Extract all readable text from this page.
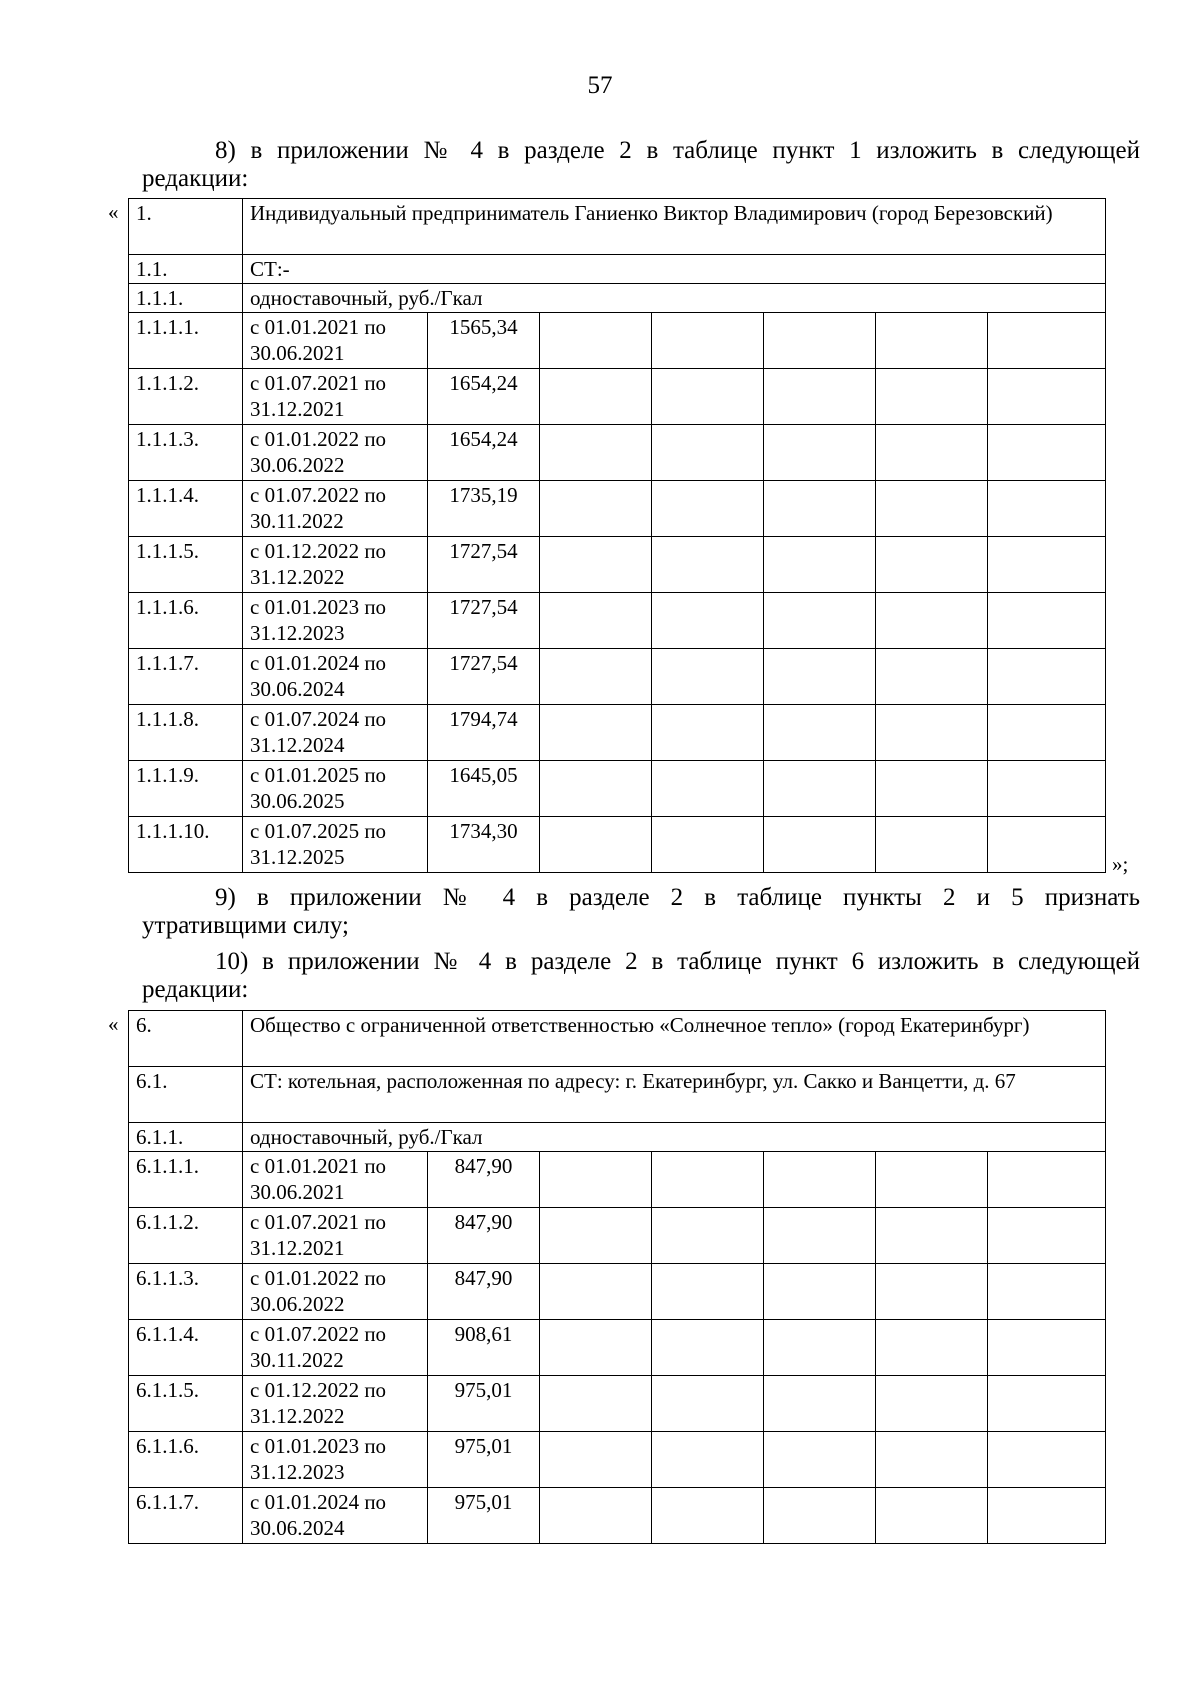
57
8) в приложении № 4 в разделе 2 в таблице пункт 1 изложить в следующей
редакции:
« 1.	Индивидуальный предприниматель Ганиенко Виктор Владимирович (город Березовский)						
1.1.	СТ:-						
1.1.1.	одноставочный, руб./Гкал						
1.1.1.1.	с 01.01.2021 по 30.06.2021	1565,34					
1.1.1.2.	с 01.07.2021 по 31.12.2021	1654,24					
1.1.1.3.	с 01.01.2022 по 30.06.2022	1654,24					
1.1.1.4.	с 01.07.2022 по 30.11.2022	1735,19					
1.1.1.5.	с 01.12.2022 по 31.12.2022	1727,54					
1.1.1.6.	с 01.01.2023 по 31.12.2023	1727,54					
1.1.1.7.	с 01.01.2024 по 30.06.2024	1727,54					
1.1.1.8.	с 01.07.2024 по 31.12.2024	1794,74					
1.1.1.9.	с 01.01.2025 по 30.06.2025	1645,05					
1.1.1.10.	с 01.07.2025 по 31.12.2025	1734,30					
»;
9) в приложении № 4 в разделе 2 в таблице пункты 2 и 5 признать
утративщими силу;
10) в приложении № 4 в разделе 2 в таблице пункт 6 изложить в следующей
редакции:
« 6.	Общество с ограниченной ответственностью «Солнечное тепло» (город Екатеринбург)						
6.1.	СТ: котельная, расположенная по адресу: г. Екатеринбург, ул. Сакко и Ванцетти, д. 67						
6.1.1.	одноставочный, руб./Гкал						
6.1.1.1.	с 01.01.2021 по 30.06.2021	847,90					
6.1.1.2.	с 01.07.2021 по 31.12.2021	847,90					
6.1.1.3.	с 01.01.2022 по 30.06.2022	847,90					
6.1.1.4.	с 01.07.2022 по 30.11.2022	908,61					
6.1.1.5.	с 01.12.2022 по 31.12.2022	975,01					
6.1.1.6.	с 01.01.2023 по 31.12.2023	975,01					
6.1.1.7.	с 01.01.2024 по 30.06.2024	975,01					
